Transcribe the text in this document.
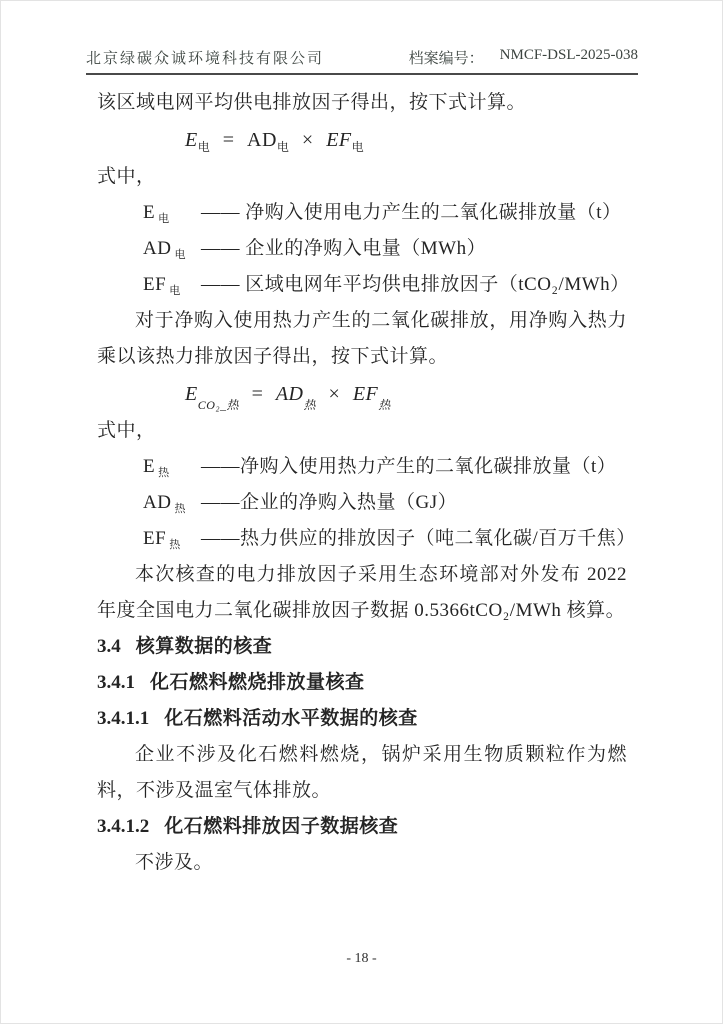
北京绿碳众诚环境科技有限公司	档案编号： NMCF-DSL-2025-038

该区域电网平均供电排放因子得出，按下式计算。

$E_电 = AD_电 \times EF_电$

式中，

E $_电$	—— 净购入使用电力产生的二氧化碳排放量（t）
AD $_电$ —— 企业的净购入电量（MWh）
EF $_电$	—— 区域电网年平均供电排放因子（tCO₂/MWh）

对于净购入使用热力产生的二氧化碳排放，用净购入热力乘以该热力排放因子得出，按下式计算。

$E_{CO_2\_热} = AD_热 \times EF_热$

式中，

E $_热$	——净购入使用热力产生的二氧化碳排放量（t）
AD $_热$ ——企业的净购入热量（GJ）
EF $_热$	——热力供应的排放因子（吨二氧化碳/百万千焦）

本次核查的电力排放因子采用生态环境部对外发布 2022 年度全国电力二氧化碳排放因子数据 0.5366tCO₂/MWh 核算。

3.4 核算数据的核查
3.4.1 化石燃料燃烧排放量核查
3.4.1.1 化石燃料活动水平数据的核查

企业不涉及化石燃料燃烧，锅炉采用生物质颗粒作为燃料，不涉及温室气体排放。

3.4.1.2 化石燃料排放因子数据核查

不涉及。

- 18 -
